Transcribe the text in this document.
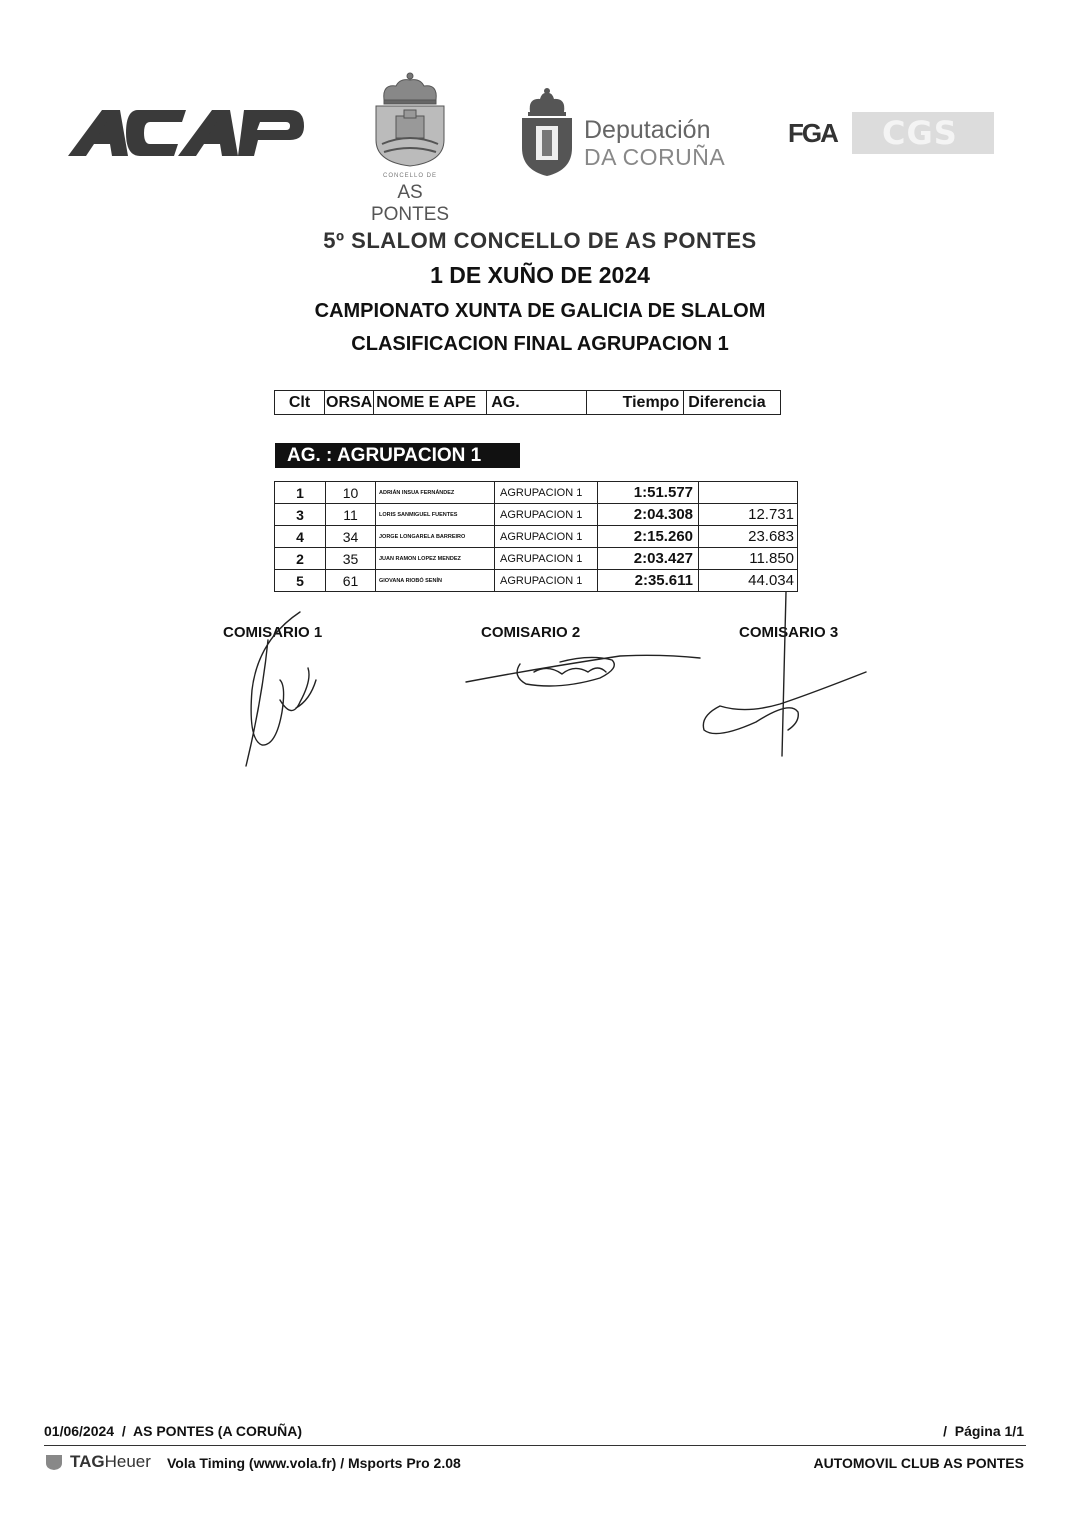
CONCELLO DE
AS PONTES
Deputación
DA CORUÑA
FGA CGS
5º SLALOM CONCELLO DE AS PONTES
1 DE XUÑO DE 2024
CAMPIONATO XUNTA DE GALICIA DE SLALOM
CLASIFICACION FINAL AGRUPACION 1
Clt	ORSA	NOME E APE	AG.	Tiempo	Diferencia
AG. : AGRUPACION 1
1	10	ADRIÁN INSUA FERNÁNDEZ	AGRUPACION 1	1:51.577	
3	11	LORIS SANMIGUEL FUENTES	AGRUPACION 1	2:04.308	12.731
4	34	JORGE LONGARELA BARREIRO	AGRUPACION 1	2:15.260	23.683
2	35	JUAN RAMON LOPEZ MENDEZ	AGRUPACION 1	2:03.427	11.850
5	61	GIOVANA RIOBÓ SENÍN	AGRUPACION 1	2:35.611	44.034
COMISARIO 1	COMISARIO 2	COMISARIO 3
01/06/2024  /  AS PONTES (A CORUÑA)	/  Página 1/1
TAGHeuer Vola Timing (www.vola.fr) / Msports Pro 2.08	AUTOMOVIL CLUB AS PONTES
